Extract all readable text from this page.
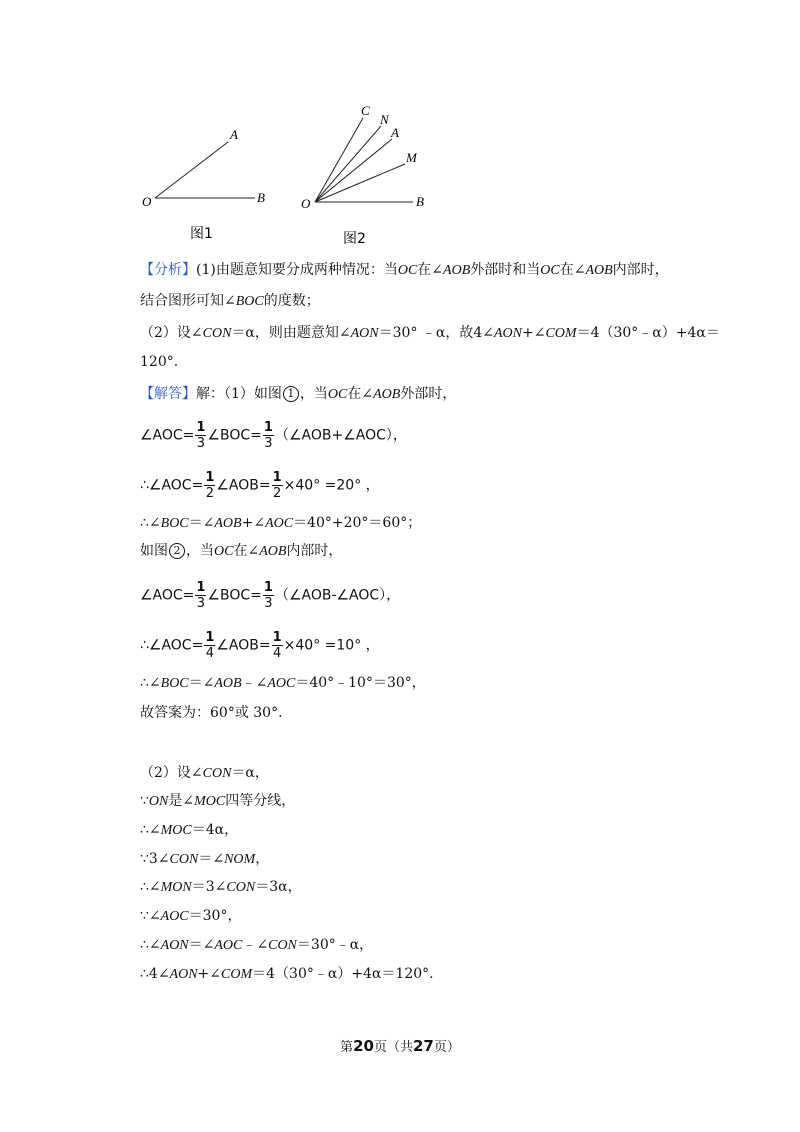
A
O	B
图1
C
N
A
M
O	B
图2
【分析】(1)由题意知要分成两种情况：当OC在∠AOB外部时和当OC在∠AOB内部时，
结合图形可知∠BOC的度数；
（2）设∠CON＝α，则由题意知∠AON＝30° ﹣α，故4∠AON+∠COM＝4（30°﹣α）+4α＝
120°.
【解答】解：（1）如图 1 ，当OC在∠AOB外部时，
∠AOC= $\frac{1}{3}$ ∠BOC= $\frac{1}{3}$ （∠AOB+∠AOC），
∴∠AOC= $\frac{1}{2}$ ∠AOB= $\frac{1}{2} \times 40^\circ =20^\circ$ ，
∴∠BOC＝∠AOB+∠AOC＝40°+20°＝60°；
如图 2 ，当OC在∠AOB内部时，
∠AOC= $\frac{1}{3}$ ∠BOC= $\frac{1}{3}$ （∠AOB-∠AOC），
∴∠AOC= $\frac{1}{4}$ ∠AOB= $\frac{1}{4} \times 40^\circ =10^\circ$ ，
∴∠BOC＝∠AOB﹣∠AOC＝40°﹣10°＝30°，
故答案为：60°或 30°.
（2）设∠CON＝α，
∵ON是∠MOC四等分线，
∴∠MOC＝4α，
∵3∠CON＝∠NOM，
∴∠MON＝3∠CON＝3α，
∵∠AOC＝30°，
∴∠AON＝∠AOC﹣∠CON＝30°﹣α，
∴4∠AON+∠COM＝4（30°﹣α）+4α＝120°.
第20页（共27页）
